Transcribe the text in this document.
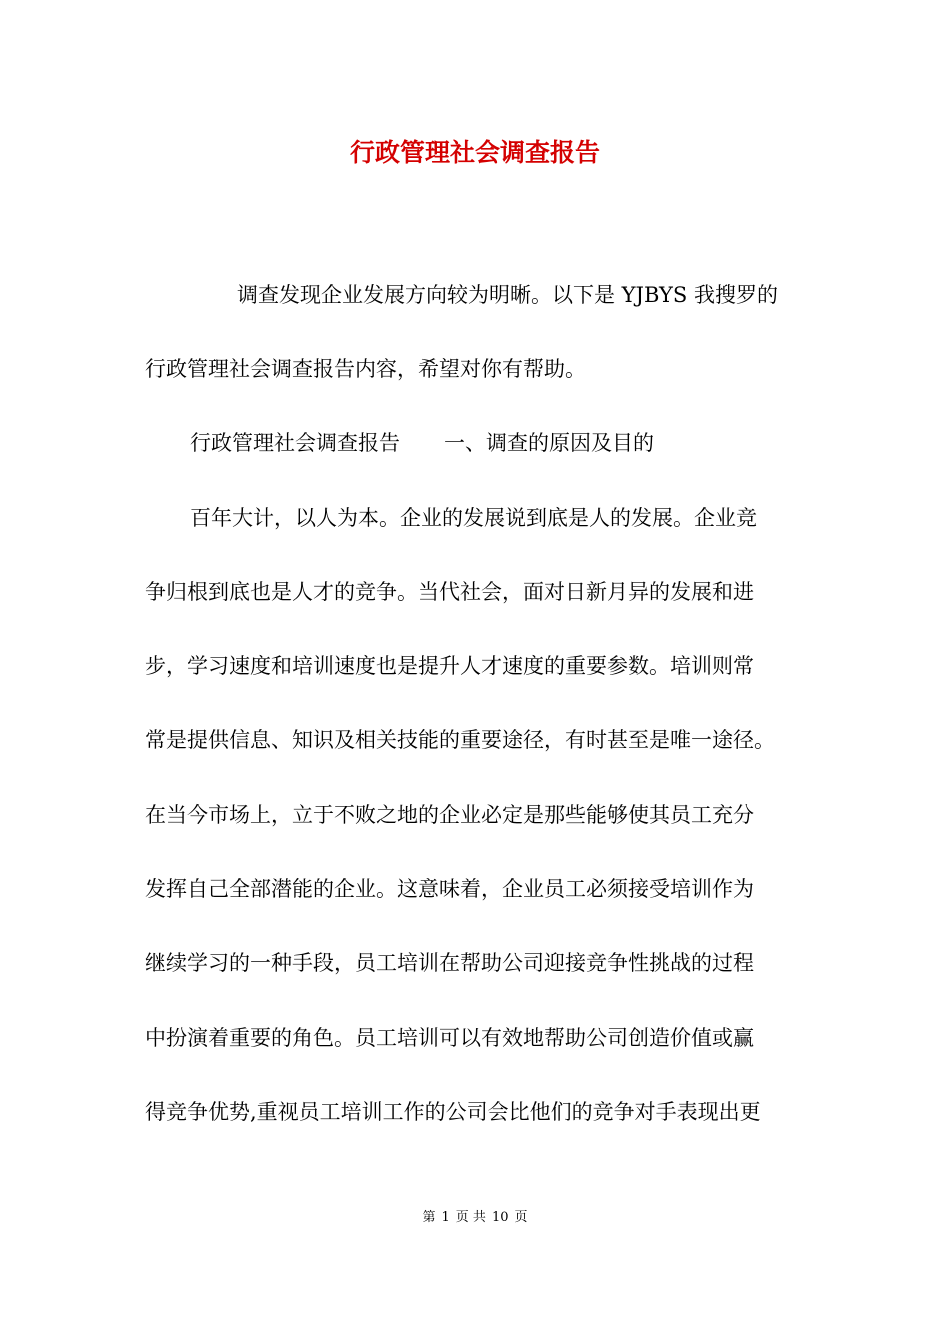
行政管理社会调查报告
调查发现企业发展方向较为明晰。以下是 YJBYS 我搜罗的
行政管理社会调查报告内容，希望对你有帮助。
行政管理社会调查报告 一、调查的原因及目的
百年大计，以人为本。企业的发展说到底是人的发展。企业竞
争归根到底也是人才的竞争。当代社会，面对日新月异的发展和进
步，学习速度和培训速度也是提升人才速度的重要参数。培训则常
常是提供信息、知识及相关技能的重要途径，有时甚至是唯一途径。
在当今市场上，立于不败之地的企业必定是那些能够使其员工充分
发挥自己全部潜能的企业。这意味着，企业员工必须接受培训作为
继续学习的一种手段，员工培训在帮助公司迎接竞争性挑战的过程
中扮演着重要的角色。员工培训可以有效地帮助公司创造价值或赢
得竞争优势,重视员工培训工作的公司会比他们的竞争对手表现出更
第 1 页 共 10 页
